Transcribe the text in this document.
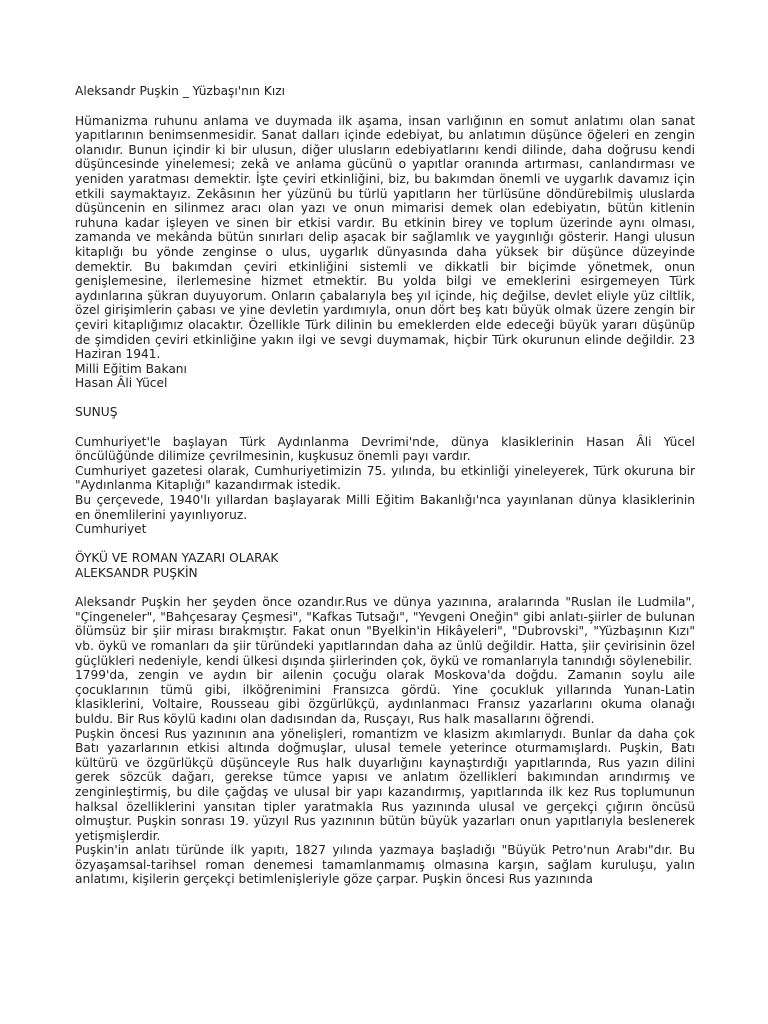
Aleksandr Puşkin _ Yüzbaşı'nın Kızı

Hümanizma ruhunu anlama ve duymada ilk aşama, insan varlığının en somut anlatımı olan sanat yapıtlarının benimsenmesidir. Sanat dalları içinde edebiyat, bu anlatımın düşünce öğeleri en zengin olanıdır. Bunun içindir ki bir ulusun, diğer ulusların edebiyatlarını kendi dilinde, daha doğrusu kendi düşüncesinde yinelemesi; zekâ ve anlama gücünü o yapıtlar oranında artırması, canlandırması ve yeniden yaratması demektir. İşte çeviri etkinliğini, biz, bu bakımdan önemli ve uygarlık davamız için etkili saymaktayız. Zekâsının her yüzünü bu türlü yapıtların her türlüsüne döndürebilmiş uluslarda düşüncenin en silinmez aracı olan yazı ve onun mimarisi demek olan edebiyatın, bütün kitlenin ruhuna kadar işleyen ve sinen bir etkisi vardır. Bu etkinin birey ve toplum üzerinde aynı olması, zamanda ve mekânda bütün sınırları delip aşacak bir sağlamlık ve yaygınlığı gösterir. Hangi ulusun kitaplığı bu yönde zenginse o ulus, uygarlık dünyasında daha yüksek bir düşünce düzeyinde demektir. Bu bakımdan çeviri etkinliğini sistemli ve dikkatli bir biçimde yönetmek, onun genişlemesine, ilerlemesine hizmet etmektir. Bu yolda bilgi ve emeklerini esirgemeyen Türk aydınlarına şükran duyuyorum. Onların çabalarıyla beş yıl içinde, hiç değilse, devlet eliyle yüz ciltlik, özel girişimlerin çabası ve yine devletin yardımıyla, onun dört beş katı büyük olmak üzere zengin bir çeviri kitaplığımız olacaktır. Özellikle Türk dilinin bu emeklerden elde edeceği büyük yararı düşünüp de şimdiden çeviri etkinliğine yakın ilgi ve sevgi duymamak, hiçbir Türk okurunun elinde değildir. 23 Haziran 1941.

Milli Eğitim Bakanı
Hasan Âli Yücel
SUNUŞ

Cumhuriyet'le başlayan Türk Aydınlanma Devrimi'nde, dünya klasiklerinin Hasan Âli Yücel öncülüğünde dilimize çevrilmesinin, kuşkusuz önemli payı vardır.

Cumhuriyet gazetesi olarak, Cumhuriyetimizin 75. yılında, bu etkinliği yineleyerek, Türk okuruna bir "Aydınlanma Kitaplığı" kazandırmak istedik.

Bu çerçevede, 1940'lı yıllardan başlayarak Milli Eğitim Bakanlığı'nca yayınlanan dünya klasiklerinin en önemlilerini yayınlıyoruz.

Cumhuriyet
ÖYKÜ VE ROMAN YAZARI OLARAK
ALEKSANDR PUŞKİN

Aleksandr Puşkin her şeyden önce ozandır.Rus ve dünya yazınına, aralarında "Ruslan ile Ludmila", "Çingeneler", "Bahçesaray Çeşmesi", "Kafkas Tutsağı", "Yevgeni Oneğin" gibi anlatı-şiirler de bulunan ölümsüz bir şiir mirası bırakmıştır. Fakat onun "Byelkin'in Hikâyeleri", "Dubrovski", "Yüzbaşının Kızı" vb. öykü ve romanları da şiir türündeki yapıtlarından daha az ünlü değildir. Hatta, şiir çevirisinin özel güçlükleri nedeniyle, kendi ülkesi dışında şiirlerinden çok, öykü ve romanlarıyla tanındığı söylenebilir.

1799'da, zengin ve aydın bir ailenin çocuğu olarak Moskova'da doğdu. Zamanın soylu aile çocuklarının tümü gibi, ilköğrenimini Fransızca gördü. Yine çocukluk yıllarında Yunan-Latin klasiklerini, Voltaire, Rousseau gibi özgürlükçü, aydınlanmacı Fransız yazarlarını okuma olanağı buldu. Bir Rus köylü kadını olan dadısından da, Rusçayı, Rus halk masallarını öğrendi.

Puşkin öncesi Rus yazınının ana yönelişleri, romantizm ve klasizm akımlarıydı. Bunlar da daha çok Batı yazarlarının etkisi altında doğmuşlar, ulusal temele yeterince oturmamışlardı. Puşkin, Batı kültürü ve özgürlükçü düşünceyle Rus halk duyarlığını kaynaştırdığı yapıtlarında, Rus yazın dilini gerek sözcük dağarı, gerekse tümce yapısı ve anlatım özellikleri bakımından arındırmış ve zenginleştirmiş, bu dile çağdaş ve ulusal bir yapı kazandırmış, yapıtlarında ilk kez Rus toplumunun halksal özelliklerini yansıtan tipler yaratmakla Rus yazınında ulusal ve gerçekçi çığırın öncüsü olmuştur. Puşkin sonrası 19. yüzyıl Rus yazınının bütün büyük yazarları onun yapıtlarıyla beslenerek yetişmişlerdir.

Puşkin'in anlatı türünde ilk yapıtı, 1827 yılında yazmaya başladığı "Büyük Petro'nun Arabı"dır. Bu özyaşamsal-tarihsel roman denemesi tamamlanmamış olmasına karşın, sağlam kuruluşu, yalın anlatımı, kişilerin gerçekçi betimlenişleriyle göze çarpar. Puşkin öncesi Rus yazınında
